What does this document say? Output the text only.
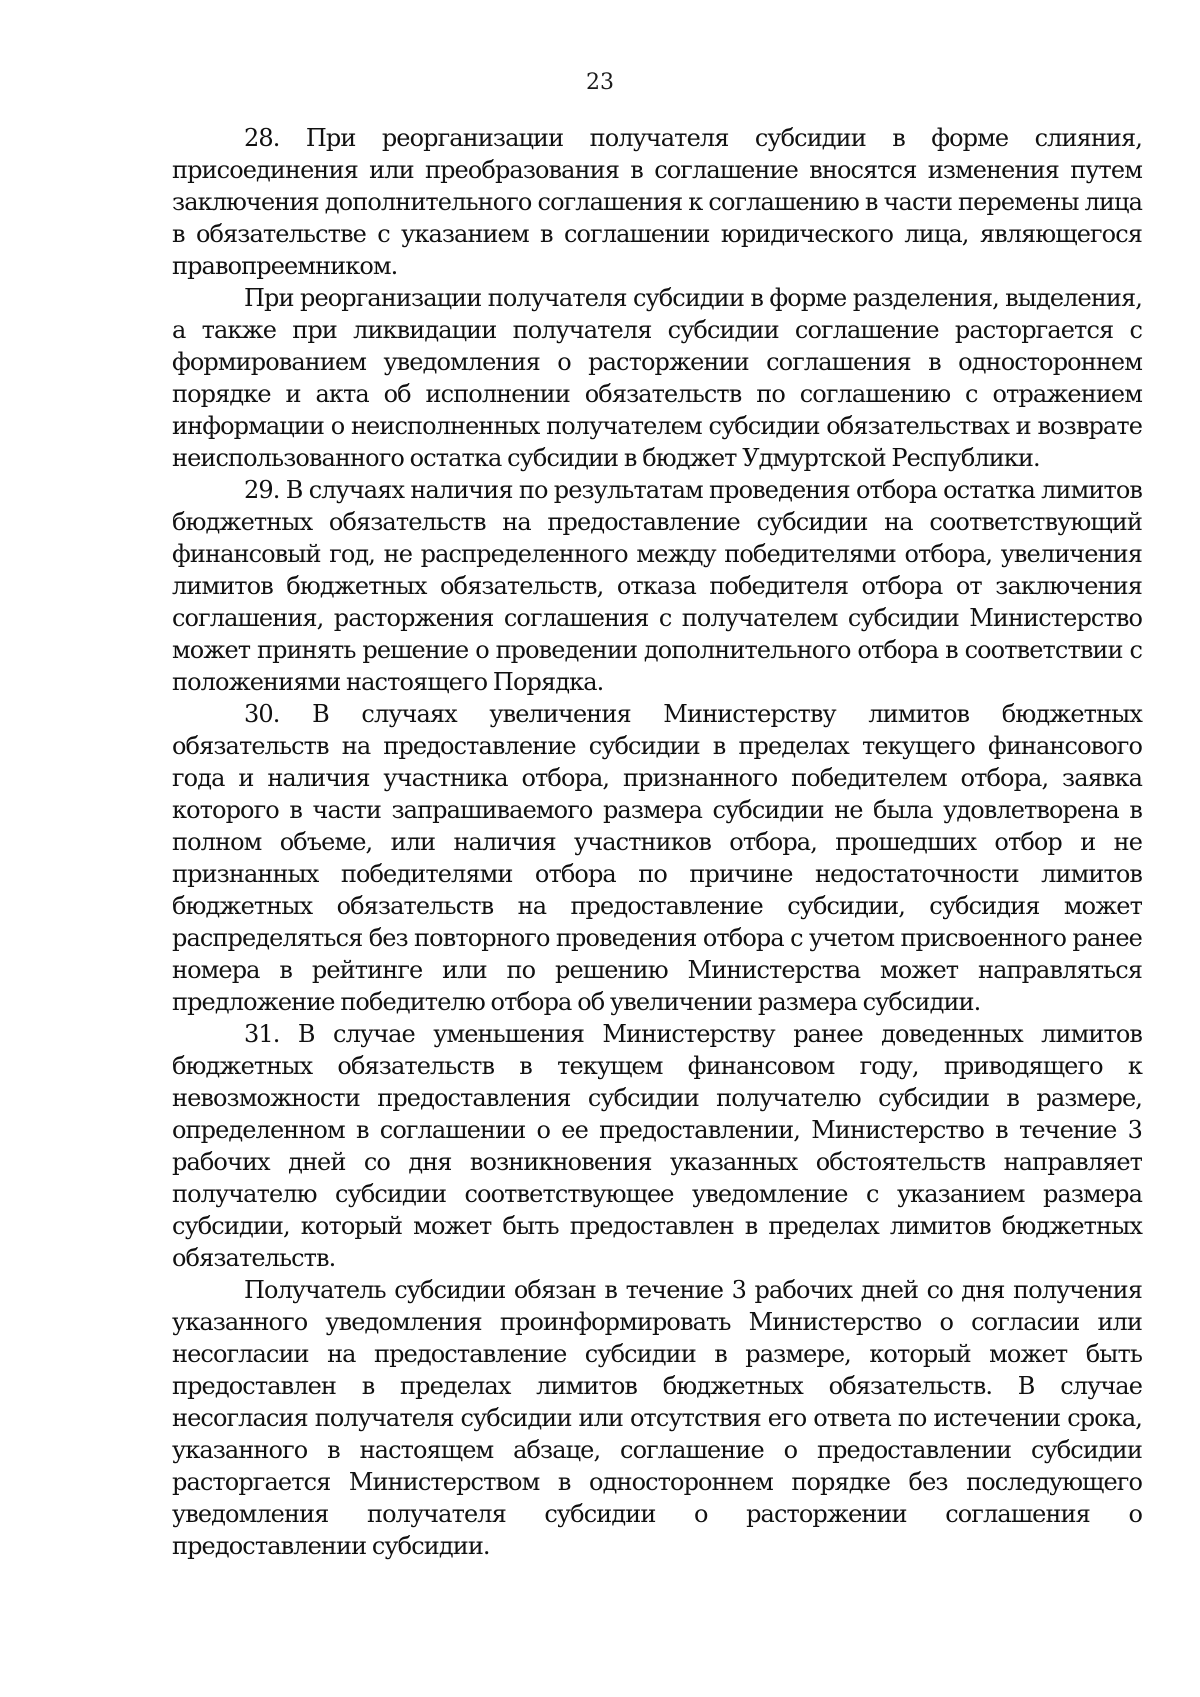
23

28. При реорганизации получателя субсидии в форме слияния, присоединения или преобразования в соглашение вносятся изменения путем заключения дополнительного соглашения к соглашению в части перемены лица в обязательстве с указанием в соглашении юридического лица, являющегося правопреемником.

При реорганизации получателя субсидии в форме разделения, выделения, а также при ликвидации получателя субсидии соглашение расторгается с формированием уведомления о расторжении соглашения в одностороннем порядке и акта об исполнении обязательств по соглашению с отражением информации о неисполненных получателем субсидии обязательствах и возврате неиспользованного остатка субсидии в бюджет Удмуртской Республики.

29. В случаях наличия по результатам проведения отбора остатка лимитов бюджетных обязательств на предоставление субсидии на соответствующий финансовый год, не распределенного между победителями отбора, увеличения лимитов бюджетных обязательств, отказа победителя отбора от заключения соглашения, расторжения соглашения с получателем субсидии Министерство может принять решение о проведении дополнительного отбора в соответствии с положениями настоящего Порядка.

30. В случаях увеличения Министерству лимитов бюджетных обязательств на предоставление субсидии в пределах текущего финансового года и наличия участника отбора, признанного победителем отбора, заявка которого в части запрашиваемого размера субсидии не была удовлетворена в полном объеме, или наличия участников отбора, прошедших отбор и не признанных победителями отбора по причине недостаточности лимитов бюджетных обязательств на предоставление субсидии, субсидия может распределяться без повторного проведения отбора с учетом присвоенного ранее номера в рейтинге или по решению Министерства может направляться предложение победителю отбора об увеличении размера субсидии.

31. В случае уменьшения Министерству ранее доведенных лимитов бюджетных обязательств в текущем финансовом году, приводящего к невозможности предоставления субсидии получателю субсидии в размере, определенном в соглашении о ее предоставлении, Министерство в течение 3 рабочих дней со дня возникновения указанных обстоятельств направляет получателю субсидии соответствующее уведомление с указанием размера субсидии, который может быть предоставлен в пределах лимитов бюджетных обязательств.

Получатель субсидии обязан в течение 3 рабочих дней со дня получения указанного уведомления проинформировать Министерство о согласии или несогласии на предоставление субсидии в размере, который может быть предоставлен в пределах лимитов бюджетных обязательств. В случае несогласия получателя субсидии или отсутствия его ответа по истечении срока, указанного в настоящем абзаце, соглашение о предоставлении субсидии расторгается Министерством в одностороннем порядке без последующего уведомления получателя субсидии о расторжении соглашения о предоставлении субсидии.
